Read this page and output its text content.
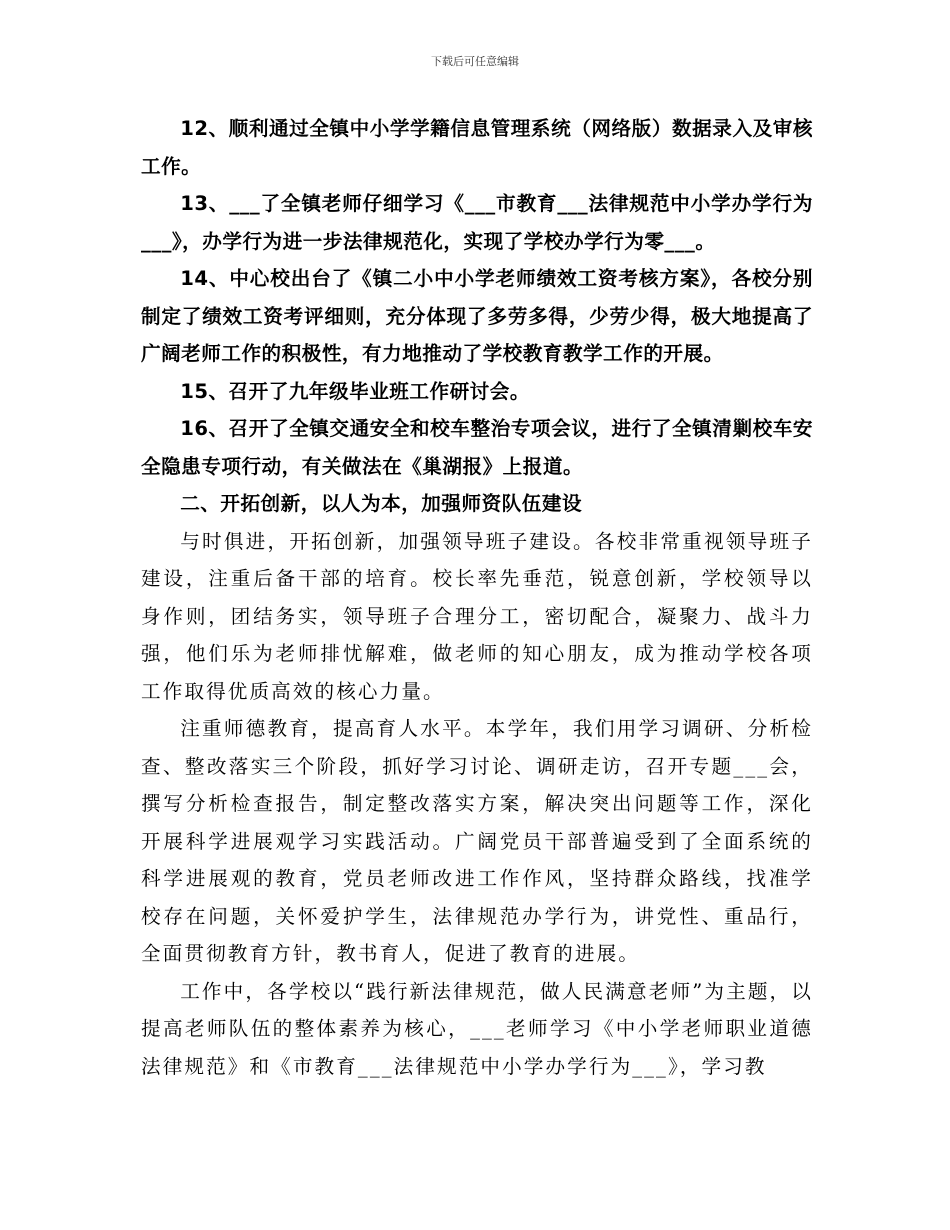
下载后可任意编辑

12、顺利通过全镇中小学学籍信息管理系统（网络版）数据录入及审核工作。

13、___了全镇老师仔细学习《___市教育___法律规范中小学办学行为___》，办学行为进一步法律规范化，实现了学校办学行为零___。

14、中心校出台了《镇二小中小学老师绩效工资考核方案》，各校分别制定了绩效工资考评细则，充分体现了多劳多得，少劳少得，极大地提高了广阔老师工作的积极性，有力地推动了学校教育教学工作的开展。

15、召开了九年级毕业班工作研讨会。

16、召开了全镇交通安全和校车整治专项会议，进行了全镇清剿校车安全隐患专项行动，有关做法在《巢湖报》上报道。

二、开拓创新，以人为本，加强师资队伍建设

与时俱进，开拓创新，加强领导班子建设。各校非常重视领导班子建设，注重后备干部的培育。校长率先垂范，锐意创新，学校领导以身作则，团结务实，领导班子合理分工，密切配合，凝聚力、战斗力强，他们乐为老师排忧解难，做老师的知心朋友，成为推动学校各项工作取得优质高效的核心力量。

注重师德教育，提高育人水平。本学年，我们用学习调研、分析检查、整改落实三个阶段，抓好学习讨论、调研走访，召开专题___会，撰写分析检查报告，制定整改落实方案，解决突出问题等工作，深化开展科学进展观学习实践活动。广阔党员干部普遍受到了全面系统的科学进展观的教育，党员老师改进工作作风，坚持群众路线，找准学校存在问题，关怀爱护学生，法律规范办学行为，讲党性、重品行，全面贯彻教育方针，教书育人，促进了教育的进展。

工作中，各学校以“践行新法律规范，做人民满意老师”为主题，以提高老师队伍的整体素养为核心，___老师学习《中小学老师职业道德法律规范》和《市教育___法律规范中小学办学行为___》，学习教
